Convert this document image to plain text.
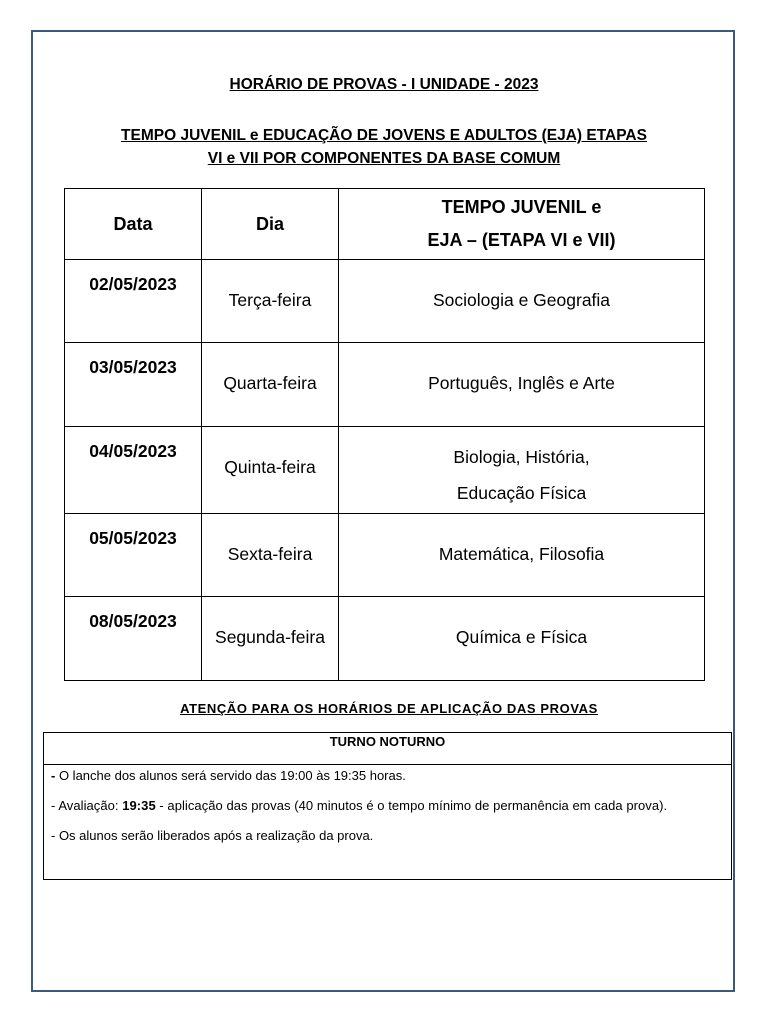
HORÁRIO DE PROVAS - I UNIDADE - 2023
TEMPO JUVENIL e EDUCAÇÃO DE JOVENS E ADULTOS (EJA) ETAPAS
VI e VII POR COMPONENTES DA BASE COMUM
Data	Dia	TEMPO JUVENIL e
EJA – (ETAPA VI e VII)

02/05/2023	Terça-feira	Sociologia e Geografia

03/05/2023	Quarta-feira	Português, Inglês e Arte

04/05/2023	Quinta-feira	Biologia, História,
Educação Física

05/05/2023	Sexta-feira	Matemática, Filosofia

08/05/2023	Segunda-feira	Química e Física
ATENÇÃO PARA OS HORÁRIOS DE APLICAÇÃO DAS PROVAS
TURNO NOTURNO

- O lanche dos alunos será servido das 19:00 às 19:35 horas.

- Avaliação: 19:35 - aplicação das provas (40 minutos é o tempo mínimo de permanência em cada prova).

- Os alunos serão liberados após a realização da prova.
